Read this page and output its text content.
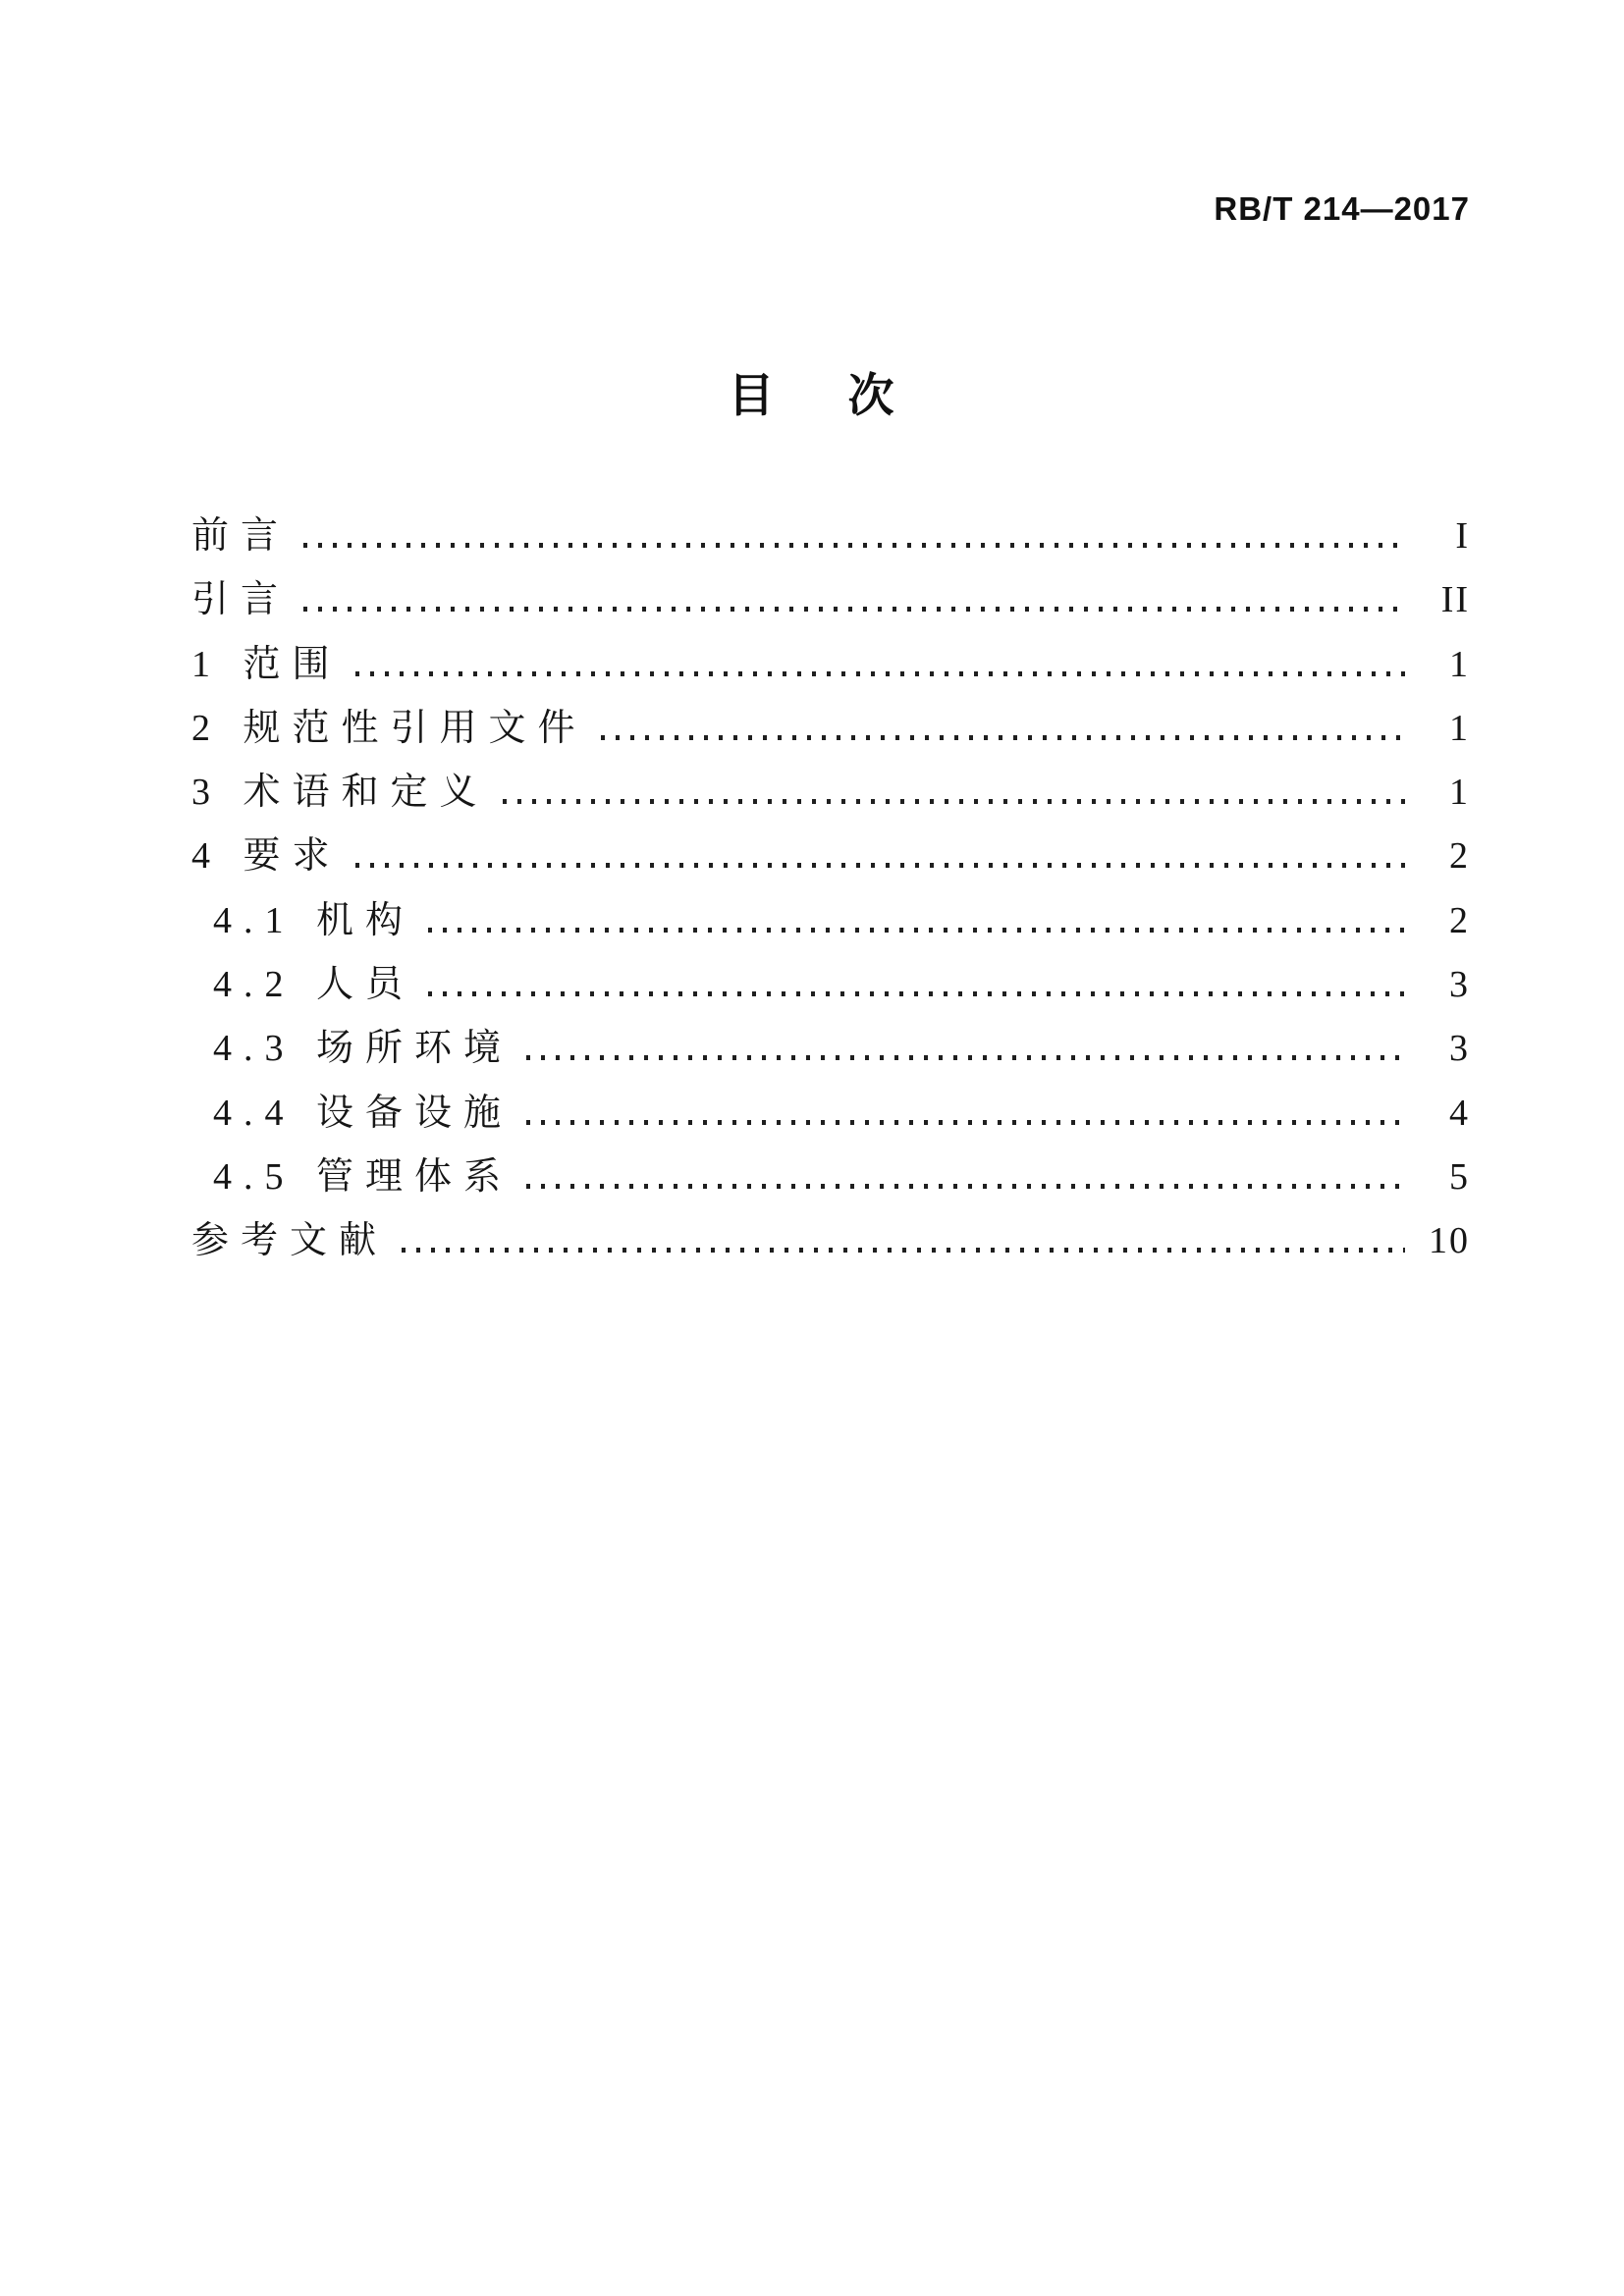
RB/T 214—2017
目 次
前言	I
引言	II
1 范围	1
2 规范性引用文件	1
3 术语和定义	1
4 要求	2
4.1 机构	2
4.2 人员	3
4.3 场所环境	3
4.4 设备设施	4
4.5 管理体系	5
参考文献	10
